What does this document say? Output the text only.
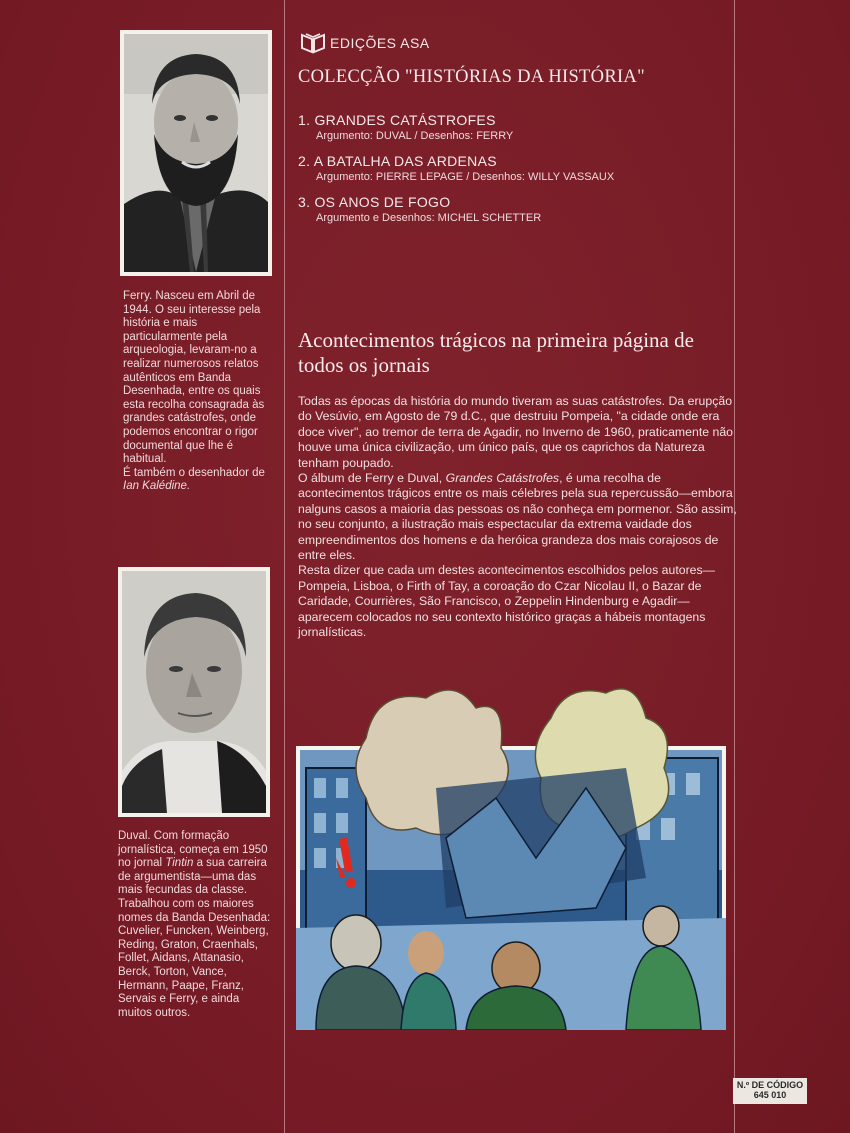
Ferry. Nasceu em Abril de 1944. O seu interesse pela história e mais particularmente pela arqueologia, levaram-no a realizar numerosos relatos autênticos em Banda Desenhada, entre os quais esta recolha consagrada às grandes catástrofes, onde podemos encontrar o rigor documental que lhe é habitual.
É também o desenhador de Ian Kalédine.
Duval. Com formação jornalística, começa em 1950 no jornal Tintin a sua carreira de argumentista—uma das mais fecundas da classe. Trabalhou com os maiores nomes da Banda Desenhada: Cuvelier, Funcken, Weinberg, Reding, Graton, Craenhals, Follet, Aidans, Attanasio, Berck, Torton, Vance, Hermann, Paape, Franz, Servais e Ferry, e ainda muitos outros.
EDIÇÕES ASA
COLECÇÃO "HISTÓRIAS DA HISTÓRIA"
1. GRANDES CATÁSTROFES
Argumento: DUVAL / Desenhos: FERRY
2. A BATALHA DAS ARDENAS
Argumento: PIERRE LEPAGE / Desenhos: WILLY VASSAUX
3. OS ANOS DE FOGO
Argumento e Desenhos: MICHEL SCHETTER
Acontecimentos trágicos na primeira página de todos os jornais

Todas as épocas da história do mundo tiveram as suas catástrofes. Da erupção do Vesúvio, em Agosto de 79 d.C., que destruiu Pompeia, "a cidade onde era doce viver", ao tremor de terra de Agadir, no Inverno de 1960, praticamente não houve uma única civilização, um único país, que os caprichos da Natureza tenham poupado.

O álbum de Ferry e Duval, Grandes Catástrofes, é uma recolha de acontecimentos trágicos entre os mais célebres pela sua repercussão—embora nalguns casos a maioria das pessoas os não conheça em pormenor. São assim, no seu conjunto, a ilustração mais espectacular da extrema vaidade dos empreendimentos dos homens e da heróica grandeza dos mais corajosos de entre eles.

Resta dizer que cada um destes acontecimentos escolhidos pelos autores—Pompeia, Lisboa, o Firth of Tay, a coroação do Czar Nicolau II, o Bazar de Caridade, Courrières, São Francisco, o Zeppelin Hindenburg e Agadir—aparecem colocados no seu contexto histórico graças a hábeis montagens jornalísticas.

N.º DE CÓDIGO
645 010
